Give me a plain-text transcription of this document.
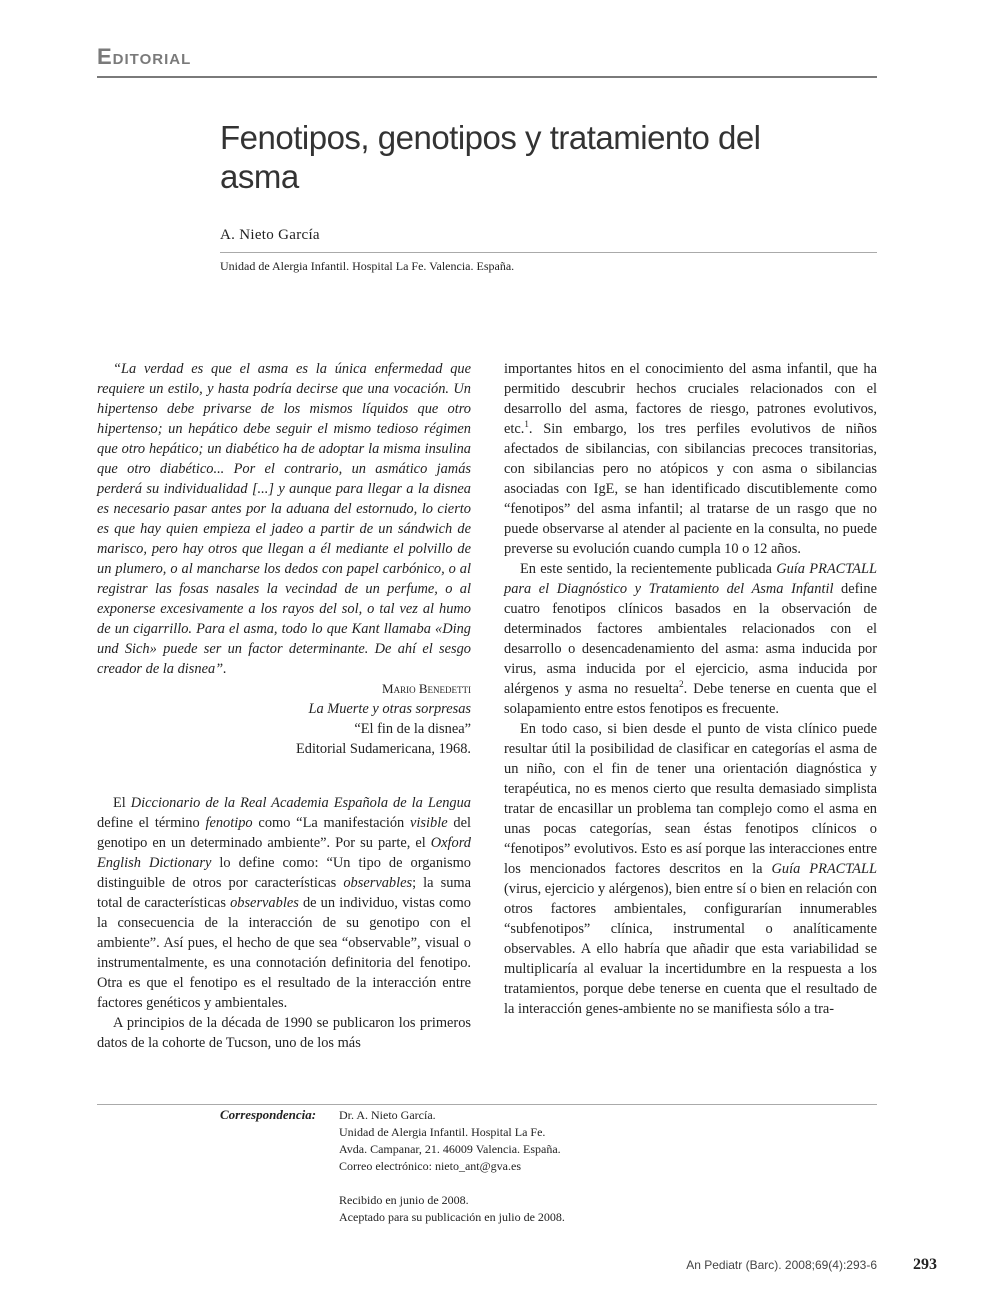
Editorial
Fenotipos, genotipos y tratamiento del asma
A. Nieto García
Unidad de Alergia Infantil. Hospital La Fe. Valencia. España.

“La verdad es que el asma es la única enfermedad que requiere un estilo, y hasta podría decirse que una vocación. Un hipertenso debe privarse de los mismos líquidos que otro hipertenso; un hepático debe seguir el mismo tedioso régimen que otro hepático; un diabético ha de adoptar la misma insulina que otro diabético... Por el contrario, un asmático jamás perderá su individualidad [...] y aunque para llegar a la disnea es necesario pasar antes por la aduana del estornudo, lo cierto es que hay quien empieza el jadeo a partir de un sándwich de marisco, pero hay otros que llegan a él mediante el polvillo de un plumero, o al mancharse los dedos con papel carbónico, o al registrar las fosas nasales la vecindad de un perfume, o al exponerse excesivamente a los rayos del sol, o tal vez al humo de un cigarrillo. Para el asma, todo lo que Kant llamaba «Ding und Sich» puede ser un factor determinante. De ahí el sesgo creador de la disnea”.

Mario Benedetti

La Muerte y otras sorpresas

“El fin de la disnea”

Editorial Sudamericana, 1968.

El Diccionario de la Real Academia Española de la Lengua define el término fenotipo como “La manifestación visible del genotipo en un determinado ambiente”. Por su parte, el Oxford English Dictionary lo define como: “Un tipo de organismo distinguible de otros por características observables; la suma total de características observables de un individuo, vistas como la consecuencia de la interacción de su genotipo con el ambiente”. Así pues, el hecho de que sea “observable”, visual o instrumentalmente, es una connotación definitoria del fenotipo. Otra es que el fenotipo es el resultado de la interacción entre factores genéticos y ambientales.

A principios de la década de 1990 se publicaron los primeros datos de la cohorte de Tucson, uno de los más

importantes hitos en el conocimiento del asma infantil, que ha permitido descubrir hechos cruciales relacionados con el desarrollo del asma, factores de riesgo, patrones evolutivos, etc.$^1$. Sin embargo, los tres perfiles evolutivos de niños afectados de sibilancias, con sibilancias precoces transitorias, con sibilancias pero no atópicos y con asma o sibilancias asociadas con IgE, se han identificado discutiblemente como “fenotipos” del asma infantil; al tratarse de un rasgo que no puede observarse al atender al paciente en la consulta, no puede preverse su evolución cuando cumpla 10 o 12 años.

En este sentido, la recientemente publicada Guía PRACTALL para el Diagnóstico y Tratamiento del Asma Infantil define cuatro fenotipos clínicos basados en la observación de determinados factores ambientales relacionados con el desarrollo o desencadenamiento del asma: asma inducida por virus, asma inducida por el ejercicio, asma inducida por alérgenos y asma no resuelta$^2$. Debe tenerse en cuenta que el solapamiento entre estos fenotipos es frecuente.

En todo caso, si bien desde el punto de vista clínico puede resultar útil la posibilidad de clasificar en categorías el asma de un niño, con el fin de tener una orientación diagnóstica y terapéutica, no es menos cierto que resulta demasiado simplista tratar de encasillar un problema tan complejo como el asma en unas pocas categorías, sean éstas fenotipos clínicos o “fenotipos” evolutivos. Esto es así porque las interacciones entre los mencionados factores descritos en la Guía PRACTALL (virus, ejercicio y alérgenos), bien entre sí o bien en relación con otros factores ambientales, configurarían innumerables “subfenotipos” clínica, instrumental o analíticamente observables. A ello habría que añadir que esta variabilidad se multiplicaría al evaluar la incertidumbre en la respuesta a los tratamientos, porque debe tenerse en cuenta que el resultado de la interacción genes-ambiente no se manifiesta sólo a tra-

Correspondencia: Dr. A. Nieto García.
Unidad de Alergia Infantil. Hospital La Fe.
Avda. Campanar, 21. 46009 Valencia. España.
Correo electrónico: nieto_ant@gva.es
Recibido en junio de 2008.
Aceptado para su publicación en julio de 2008.
An Pediatr (Barc). 2008;69(4):293-6 293
